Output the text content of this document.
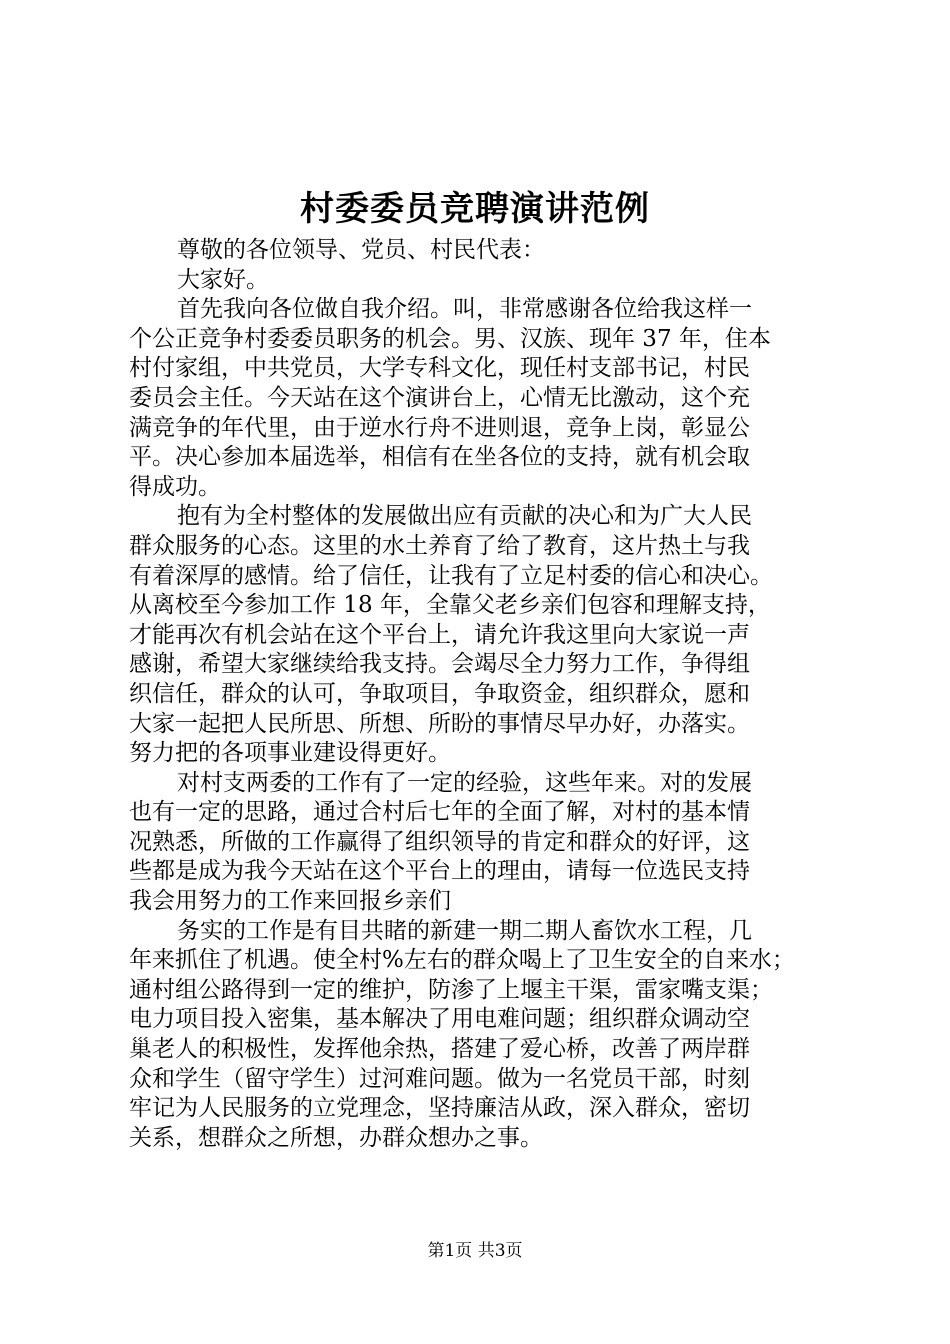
村委委员竞聘演讲范例
尊敬的各位领导、党员、村民代表：
大家好。
首先我向各位做自我介绍。叫，非常感谢各位给我这样一
个公正竞争村委委员职务的机会。男、汉族、现年 37 年，住本
村付家组，中共党员，大学专科文化，现任村支部书记，村民
委员会主任。今天站在这个演讲台上，心情无比激动，这个充
满竞争的年代里，由于逆水行舟不进则退，竞争上岗，彰显公
平。决心参加本届选举，相信有在坐各位的支持，就有机会取
得成功。
抱有为全村整体的发展做出应有贡献的决心和为广大人民
群众服务的心态。这里的水土养育了给了教育，这片热土与我
有着深厚的感情。给了信任，让我有了立足村委的信心和决心。
从离校至今参加工作 18 年，全靠父老乡亲们包容和理解支持，
才能再次有机会站在这个平台上，请允许我这里向大家说一声
感谢，希望大家继续给我支持。会竭尽全力努力工作，争得组
织信任，群众的认可，争取项目，争取资金，组织群众，愿和
大家一起把人民所思、所想、所盼的事情尽早办好，办落实。
努力把的各项事业建设得更好。
对村支两委的工作有了一定的经验，这些年来。对的发展
也有一定的思路，通过合村后七年的全面了解，对村的基本情
况熟悉，所做的工作赢得了组织领导的肯定和群众的好评，这
些都是成为我今天站在这个平台上的理由，请每一位选民支持
我会用努力的工作来回报乡亲们
务实的工作是有目共睹的新建一期二期人畜饮水工程，几
年来抓住了机遇。使全村%左右的群众喝上了卫生安全的自来水；
通村组公路得到一定的维护，防渗了上堰主干渠，雷家嘴支渠；
电力项目投入密集，基本解决了用电难问题；组织群众调动空
巢老人的积极性，发挥他余热，搭建了爱心桥，改善了两岸群
众和学生（留守学生）过河难问题。做为一名党员干部，时刻
牢记为人民服务的立党理念，坚持廉洁从政，深入群众，密切
关系，想群众之所想，办群众想办之事。
第1页 共3页
